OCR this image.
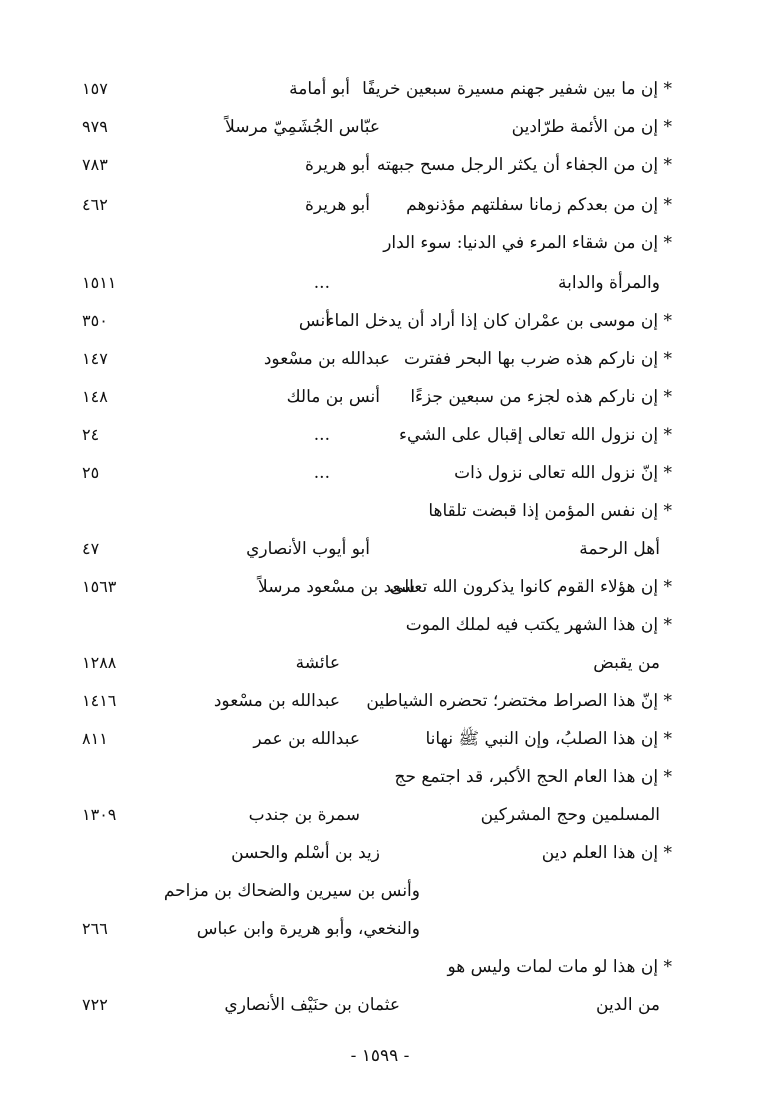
* إن ما بين شفير جهنم مسيرة سبعين خريفًا
أبو أمامة
١٥٧
* إن من الأئمة طرّادين
عبّاس الجُشَمِيّ مرسلاً
٩٧٩
* إن من الجفاء أن يكثر الرجل مسح جبهته
أبو هريرة
٧٨٣
* إن من بعدكم زمانا سفلتهم مؤذنوهم
أبو هريرة
٤٦٢
* إن من شقاء المرء في الدنيا: سوء الدار
والمرأة والدابة
...
١٥١١
* إن موسى بن عمْران كان إذا أراد أن يدخل الماء
أنس
٣٥٠
* إن ناركم هذه ضرب بها البحر ففترت
عبدالله بن مسْعود
١٤٧
* إن ناركم هذه لجزء من سبعين جزءًا
أنس بن مالك
١٤٨
* إن نزول الله تعالى إقبال على الشيء
...
٢٤
* إنّ نزول الله تعالى نزول ذات
...
٢٥
* إن نفس المؤمن إذا قبضت تلقاها
أهل الرحمة
أبو أيوب الأنصاري
٤٧
* إن هؤلاء القوم كانوا يذكرون الله تعالى
سعد بن مسْعود مرسلاً
١٥٦٣
* إن هذا الشهر يكتب فيه لملك الموت
من يقبض
عائشة
١٢٨٨
* إنّ هذا الصراط مختضر؛ تحضره الشياطين
عبدالله بن مسْعود
١٤١٦
* إن هذا الصلبُ، وإن النبي ﷺ نهانا
عبدالله بن عمر
٨١١
* إن هذا العام الحج الأكبر، قد اجتمع حج
المسلمين وحج المشركين
سمرة بن جندب
١٣٠٩
* إن هذا العلم دين
زيد بن أسْلم والحسن
وأنس بن سيرين والضحاك بن مزاحم
والنخعي، وأبو هريرة وابن عباس
٢٦٦
* إن هذا لو مات لمات وليس هو
من الدين
عثمان بن حنَيْف الأنصاري
٧٢٢
- ١٥٩٩ -
